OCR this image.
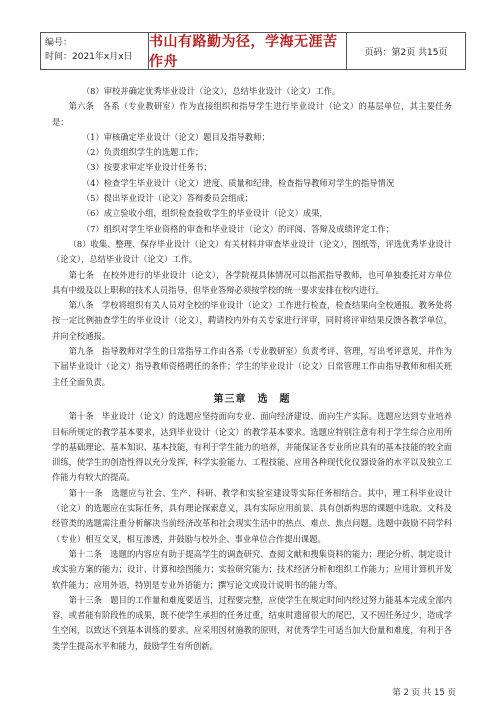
编号：
时间：2021年x月x日
书山有路勤为径，学海无涯苦作舟
页码：第2页 共15页

（8）审校并确定优秀毕业设计（论文），总结毕业设计（论文）工作。

第六条　各系（专业教研室）作为直接组织和指导学生进行毕业设计（论文）的基层单位，其主要任务是：

（1）审核确定毕业设计（论文）题目及指导教师；

（2）负责组织学生的选题工作；

（3）按要求审定毕业设计任务书；

（4）检查学生毕业设计（论文）进度、质量和纪律，检查指导教师对学生的指导情况

（5）提出毕业设计（论文）答辩委员会组成；

（6）成立验收小组，组织检查验收学生的毕业设计（论文）成果，

（7）组织对学生毕业资格的审查和毕业设计（论文）的评阅、答辩及成绩评定工作；

（8）收集、整理、保存毕业设计（论文）有关材料并审查毕业设计（论文），图纸等，评选优秀毕业设计（论文），总结毕业设计（论文）工作。

第七条　在校外进行的毕业设计（论文），各学院视具体情况可以指派指导教师，也可单独委托对方单位具有中级及以上职称的技术人员指导，但毕业答辩必须按学校的统一要求安排在校内进行。

第八条　学校将组织有关人员对全校的毕业设计（论文）工作进行检查，检查结果向全校通报。教务处将按一定比例抽查学生的毕业设计（论文），聘请校内外有关专家进行评审，同时将评审结果反馈各教学单位，并向全校通报。

第九条　指导教师对学生的日常指导工作由各系（专业教研室）负责考评、管理，写出考评意见，并作为下届毕业设计（论文）指导教师资格聘任的条件；学生的毕业设计（论文）日常管理工作由指导教师和相关班主任全面负责。

第三章　选　题

第十条　毕业设计（论文）的选题应坚持面向专业、面向经济建设、面向生产实际。选题应达到专业培养目标所规定的教学基本要求，达到毕业设计（论文）的教学基本要求。选题应特别注意有利于学生综合应用所学的基础理论、基本知识、基本技能，有利于学生能力的培养，并能保证各专业所应具有的基本技能的较全面训练，使学生的创造性得以充分发挥，科学实验能力、工程技能、应用各种现代化仪器设备的水平以及独立工作能力有较大的提高。

第十一条　选题应与社会、生产、科研、教学和实验室建设等实际任务相结合。其中，理工科毕业设计（论文）的选题应在实际任务，具有理论探索意义，具有实际应用前景、具有创新构思的课题中选取。文科及经管类的选题需注重分析解决当前经济改革和社会现实生活中的热点、难点、焦点问题。选题中鼓励不同学科（专业）相互交叉，相互渗透，并鼓励与校外企、事业单位合作提出课题。

第十二条　选题的内容应有助于提高学生的调查研究、查阅文献和搜集资料的能力；理论分析、制定设计或实验方案的能力；设计、计算和绘图能力；实验研究能力；技术经济分析和组织工作能力；应用计算机开发软件能力；应用外语，特别是专业外语能力；撰写论文或设计说明书的能力等。

第十三条　题目的工作量和难度要适当，过程要完整，应使学生在规定时间内经过努力能基本完成全部内容，或者能有阶段性的成果，既不使学生承担的任务过重，结束时遗留很大的尾巴，又不因任务过少，造成学生空闲，以致达不到基本训练的要求。应采用因材施教的原则，对优秀学生可适当加大份量和难度，有利于各类学生提高水平和能力，鼓励学生有所创新。

第 2 页 共 15 页
